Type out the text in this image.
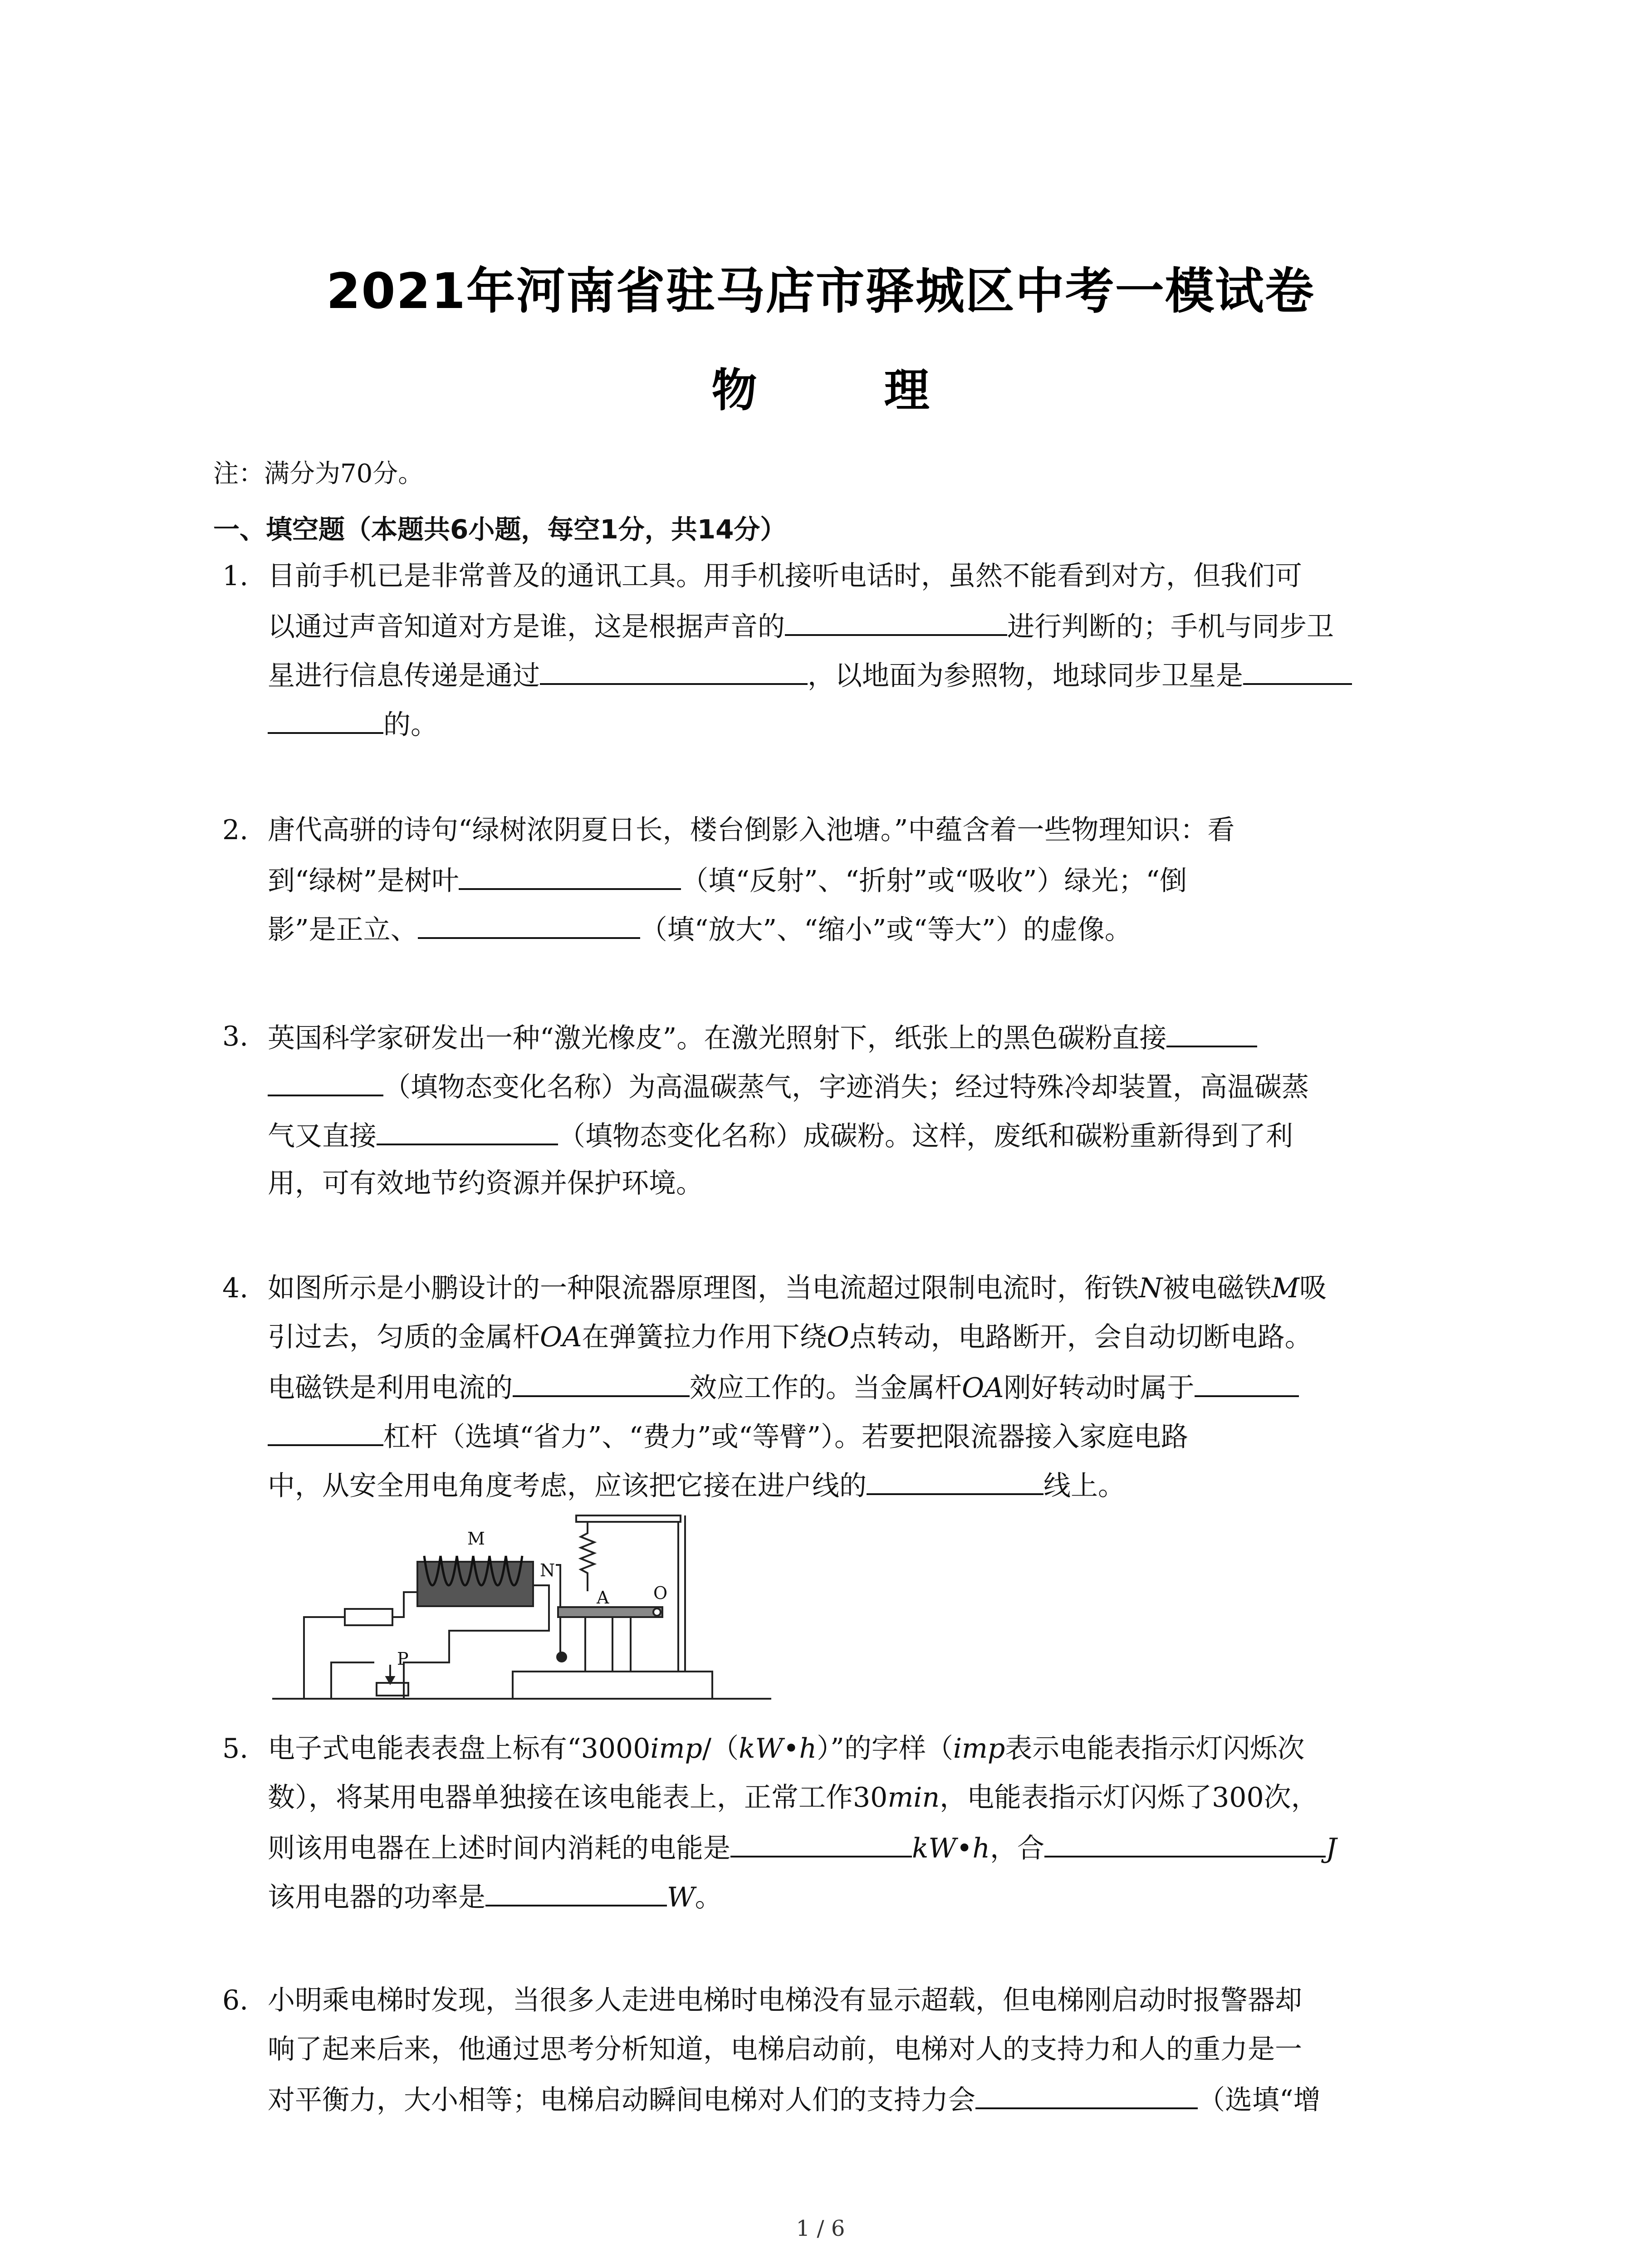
2021年河南省驻马店市驿城区中考一模试卷
物　理
注：满分为70分。
一、填空题（本题共6小题，每空1分，共14分）
1. 目前手机已是非常普及的通讯工具。用手机接听电话时，虽然不能看到对方，但我们可
以通过声音知道对方是谁，这是根据声音的	进行判断的；手机与同步卫
星进行信息传递是通过	，以地面为参照物，地球同步卫星是
的。
2. 唐代高骈的诗句“绿树浓阴夏日长，楼台倒影入池塘。”中蕴含着一些物理知识：看
到“绿树”是树叶	（填“反射”、“折射”或“吸收”）绿光；“倒
影”是正立、	（填“放大”、“缩小”或“等大”）的虚像。
3. 英国科学家研发出一种“激光橡皮”。在激光照射下，纸张上的黑色碳粉直接
（填物态变化名称）为高温碳蒸气，字迹消失；经过特殊冷却装置，高温碳蒸
气又直接	（填物态变化名称）成碳粉。这样，废纸和碳粉重新得到了利
用，可有效地节约资源并保护环境。
4. 如图所示是小鹏设计的一种限流器原理图，当电流超过限制电流时，衔铁N被电磁铁M吸
引过去，匀质的金属杆OA在弹簧拉力作用下绕O点转动，电路断开，会自动切断电路。
电磁铁是利用电流的	效应工作的。当金属杆OA刚好转动时属于
杠杆（选填“省力”、“费力”或“等臂”）。若要把限流器接入家庭电路
中，从安全用电角度考虑，应该把它接在进户线的	线上。
M
P
N
A	O
5. 电子式电能表表盘上标有“3000imp/（kW•h）”的字样（imp表示电能表指示灯闪烁次
数），将某用电器单独接在该电能表上，正常工作30min，电能表指示灯闪烁了300次，
则该用电器在上述时间内消耗的电能是	kW•h，合	J
该用电器的功率是	W。
6. 小明乘电梯时发现，当很多人走进电梯时电梯没有显示超载，但电梯刚启动时报警器却
响了起来后来，他通过思考分析知道，电梯启动前，电梯对人的支持力和人的重力是一
对平衡力，大小相等；电梯启动瞬间电梯对人们的支持力会	（选填“增
1 / 6
